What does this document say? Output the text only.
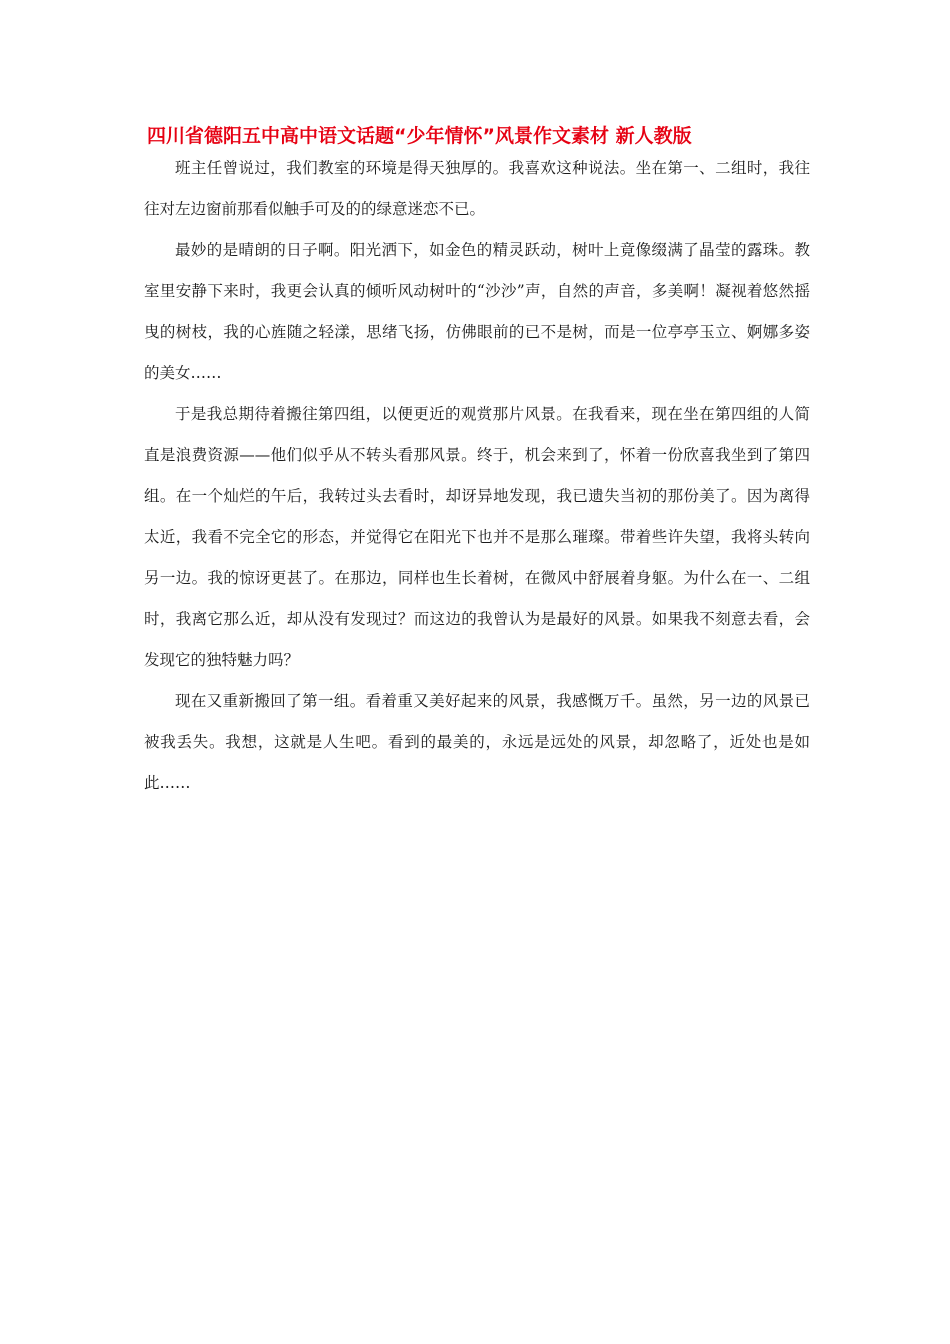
四川省德阳五中高中语文话题“少年情怀”风景作文素材 新人教版

班主任曾说过，我们教室的环境是得天独厚的。我喜欢这种说法。坐在第一、二组时，我往往对左边窗前那看似触手可及的的绿意迷恋不已。

最妙的是晴朗的日子啊。阳光洒下，如金色的精灵跃动，树叶上竟像缀满了晶莹的露珠。教室里安静下来时，我更会认真的倾听风动树叶的“沙沙”声，自然的声音，多美啊！凝视着悠然摇曳的树枝，我的心旌随之轻漾，思绪飞扬，仿佛眼前的已不是树，而是一位亭亭玉立、婀娜多姿的美女……

于是我总期待着搬往第四组，以便更近的观赏那片风景。在我看来，现在坐在第四组的人简直是浪费资源——他们似乎从不转头看那风景。终于，机会来到了，怀着一份欣喜我坐到了第四组。在一个灿烂的午后，我转过头去看时，却讶异地发现，我已遗失当初的那份美了。因为离得太近，我看不完全它的形态，并觉得它在阳光下也并不是那么璀璨。带着些许失望，我将头转向另一边。我的惊讶更甚了。在那边，同样也生长着树，在微风中舒展着身躯。为什么在一、二组时，我离它那么近，却从没有发现过？而这边的我曾认为是最好的风景。如果我不刻意去看，会发现它的独特魅力吗？

现在又重新搬回了第一组。看着重又美好起来的风景，我感慨万千。虽然，另一边的风景已被我丢失。我想，这就是人生吧。看到的最美的，永远是远处的风景，却忽略了，近处也是如此……
